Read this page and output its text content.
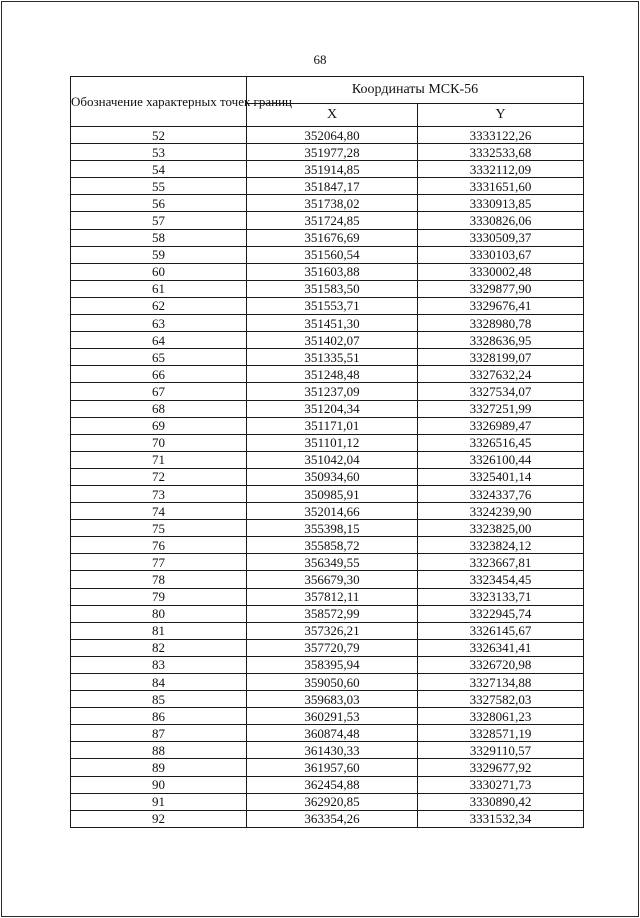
68
Обозначение характерных точек границ	Координаты МСК-56	
	X	Y
52	352064,80	3333122,26
53	351977,28	3332533,68
54	351914,85	3332112,09
55	351847,17	3331651,60
56	351738,02	3330913,85
57	351724,85	3330826,06
58	351676,69	3330509,37
59	351560,54	3330103,67
60	351603,88	3330002,48
61	351583,50	3329877,90
62	351553,71	3329676,41
63	351451,30	3328980,78
64	351402,07	3328636,95
65	351335,51	3328199,07
66	351248,48	3327632,24
67	351237,09	3327534,07
68	351204,34	3327251,99
69	351171,01	3326989,47
70	351101,12	3326516,45
71	351042,04	3326100,44
72	350934,60	3325401,14
73	350985,91	3324337,76
74	352014,66	3324239,90
75	355398,15	3323825,00
76	355858,72	3323824,12
77	356349,55	3323667,81
78	356679,30	3323454,45
79	357812,11	3323133,71
80	358572,99	3322945,74
81	357326,21	3326145,67
82	357720,79	3326341,41
83	358395,94	3326720,98
84	359050,60	3327134,88
85	359683,03	3327582,03
86	360291,53	3328061,23
87	360874,48	3328571,19
88	361430,33	3329110,57
89	361957,60	3329677,92
90	362454,88	3330271,73
91	362920,85	3330890,42
92	363354,26	3331532,34
